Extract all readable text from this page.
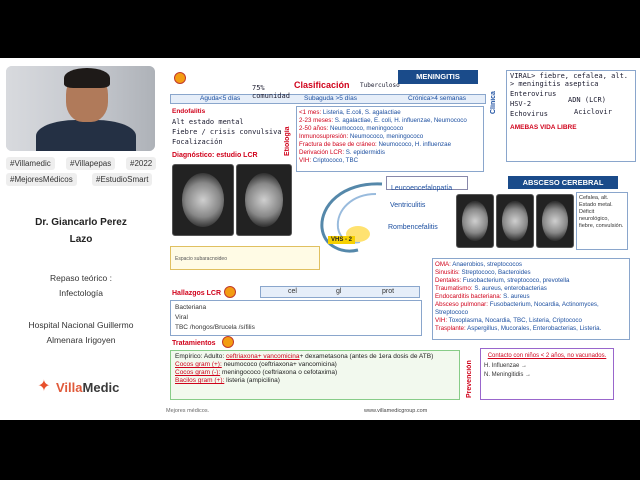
#Villamedic	#Villapepas	#2022
#MejoresMédicos	#EstudioSmart
Dr. Giancarlo Perez
Lazo
Repaso teórico :
Infectología
Hospital Nacional Guillermo
Almenara Irigoyen
✦ VillaMedic
Clasificación
MENINGITIS
Aguda<5 días	Subaguda >5 días	Crónica>4 semanas
75% comunidad
Tuberculoso
Clínica
VIRAL> fiebre, cefalea, alt. > meningitis aseptica
Enterovirus
HSV-2
Echovirus
ADN (LCR)
Aciclovir
AMEBAS VIDA LIBRE
Endofalitis
Alt estado mental
Fiebre / crisis convulsiva
Focalización
Diagnóstico: estudio LCR	Etiología
<1 mes: Listeria, E.coli, S. agalactiae
2-23 meses: S. agalactiae, E. coli, H. influenzae, Neumococo
2-50 años: Neumococo, meningococo
Inmunosupresión: Neumococo, meningococo
Fractura de base de cráneo: Neumococo, H. influenzae
Derivación LCR: S. epidermidis
VIH: Criptococo, TBC
VHS - 2
Leucoencefalopatía
Ventriculitis
Rombencefalitis
ABSCESO CEREBRAL
Cefalea, alt. Estado metal. Déficit neurológico, fiebre, convulsión.
Espacio subaracnoideo
OMA: Anaerobios, streptococos
Sinusitis: Streptococo, Bacteroides
Dentales: Fusobacterium, streptococo, prevotella
Traumatismo: S. aureus, enterobacterias
Endocarditis bacteriana: S. aureus
Absceso pulmonar: Fusobacterium, Nocardia, Actinomyces, Streptococo
VIH: Toxoplasma, Nocardia, TBC, Listeria, Criptococo
Trasplante: Aspergillus, Mucorales, Enterobacterias, Listeria.
Hallazgos LCR	cel	gl	prot
Bacteriana
Viral
TBC /hongos/Brucela /sífilis
Tratamientos
Empírico: Adulto: ceftriaxona+ vancomicina+ dexametasona (antes de 1era dosis de ATB)
Cocos gram (+): neumococo (ceftriaxona+ vancomicina)
Cocos gram (-): meningococo (ceftriaxona o cefotaxima)
Bacilos gram (+): listeria (ampicilina)	Prevención
Contacto con niños < 2 años, no vacunados.
H. Influenzae →
N. Meningitidis →
Mejores médicos.	www.villamedicgroup.com
